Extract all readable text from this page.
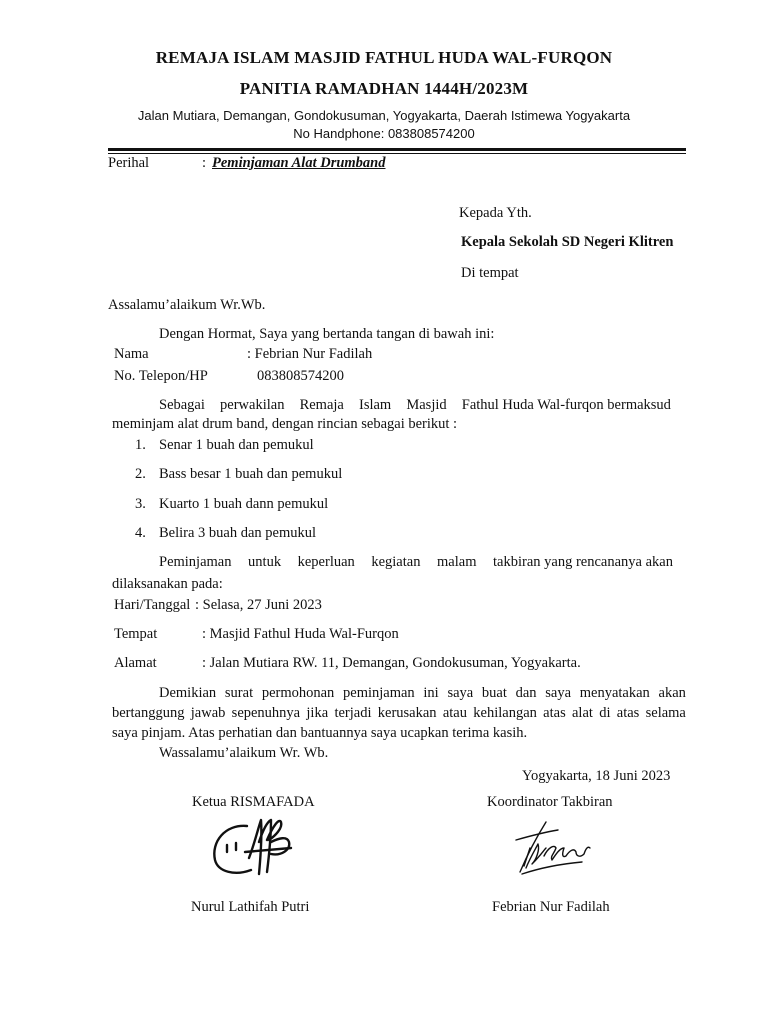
REMAJA ISLAM MASJID FATHUL HUDA WAL-FURQON
PANITIA RAMADHAN 1444H/2023M
Jalan Mutiara, Demangan, Gondokusuman, Yogyakarta, Daerah Istimewa Yogyakarta
No Handphone: 083808574200
Perihal	: Peminjaman Alat Drumband
Kepada Yth.
Kepala Sekolah SD Negeri Klitren
Di tempat
Assalamu’alaikum Wr.Wb.
Dengan Hormat, Saya yang bertanda tangan di bawah ini:
Nama	: Febrian Nur Fadilah
No. Telepon/HP	083808574200
Sebagai perwakilan Remaja Islam Masjid Fathul Huda Wal-furqon bermaksud
meminjam alat drum band, dengan rincian sebagai berikut :
1. Senar 1 buah dan pemukul
2. Bass besar 1 buah dan pemukul
3. Kuarto 1 buah dann pemukul
4. Belira 3 buah dan pemukul
Peminjaman untuk keperluan kegiatan malam takbiran yang rencananya akan
dilaksanakan pada:
Hari/Tanggal : Selasa, 27 Juni 2023
Tempat	: Masjid Fathul Huda Wal-Furqon
Alamat	: Jalan Mutiara RW. 11, Demangan, Gondokusuman, Yogyakarta.
Demikian surat permohonan peminjaman ini saya buat dan saya menyatakan akan
bertanggung jawab sepenuhnya jika terjadi kerusakan atau kehilangan atas alat di atas selama
saya pinjam. Atas perhatian dan bantuannya saya ucapkan terima kasih.
Wassalamu’alaikum Wr. Wb.
Yogyakarta, 18 Juni 2023
Ketua RISMAFADA	Koordinator Takbiran
Nurul Lathifah Putri	Febrian Nur Fadilah
